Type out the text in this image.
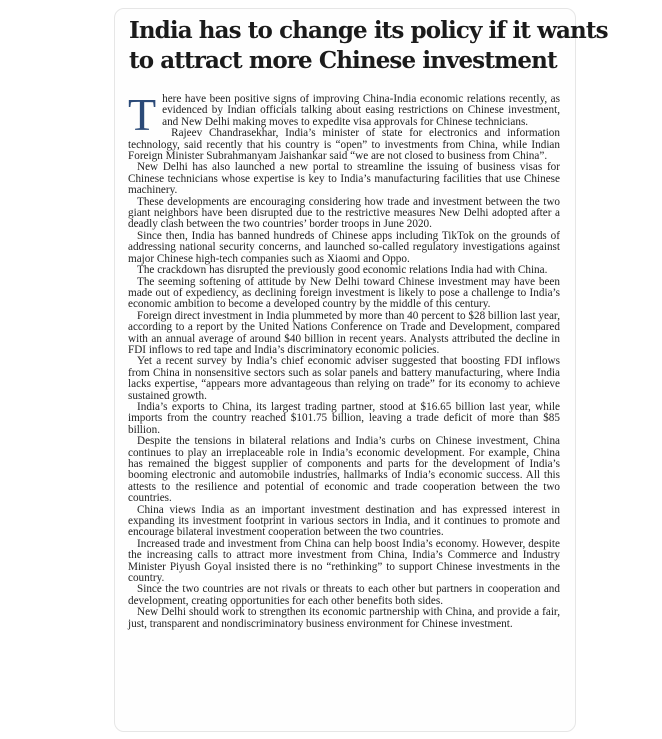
India has to change its policy if it wants
to attract more Chinese investment

There have been positive signs of improving China-India economic relations recently, as evidenced by Indian officials talking about easing restrictions on Chinese investment, and New Delhi making moves to expedite visa approvals for Chinese technicians.

Rajeev Chandrasekhar, India’s minister of state for electronics and information technology, said recently that his country is “open” to investments from China, while Indian Foreign Minister Subrahmanyam Jaishankar said “we are not closed to business from China”.

New Delhi has also launched a new portal to streamline the issuing of business visas for Chinese technicians whose expertise is key to India’s manufacturing facilities that use Chinese machinery.

These developments are encouraging considering how trade and investment between the two giant neighbors have been disrupted due to the restrictive measures New Delhi adopted after a deadly clash between the two countries’ border troops in June 2020.

Since then, India has banned hundreds of Chinese apps including TikTok on the grounds of addressing national security concerns, and launched so-called regulatory investigations against major Chinese high-tech companies such as Xiaomi and Oppo.

The crackdown has disrupted the previously good economic relations India had with China.

The seeming softening of attitude by New Delhi toward Chinese investment may have been made out of expediency, as declining foreign investment is likely to pose a challenge to India’s economic ambition to become a developed country by the middle of this century.

Foreign direct investment in India plummeted by more than 40 percent to $28 billion last year, according to a report by the United Nations Conference on Trade and Development, compared with an annual average of around $40 billion in recent years. Analysts attributed the decline in FDI inflows to red tape and India’s discriminatory economic policies.

Yet a recent survey by India’s chief economic adviser suggested that boosting FDI inflows from China in nonsensitive sectors such as solar panels and battery manufacturing, where India lacks expertise, “appears more advantageous than relying on trade” for its economy to achieve sustained growth.

India’s exports to China, its largest trading partner, stood at $16.65 billion last year, while imports from the country reached $101.75 billion, leaving a trade deficit of more than $85 billion.

Despite the tensions in bilateral relations and India’s curbs on Chinese investment, China continues to play an irreplaceable role in India’s economic development. For example, China has remained the biggest supplier of components and parts for the development of India’s booming electronic and automobile industries, hallmarks of India’s economic success. All this attests to the resilience and potential of economic and trade cooperation between the two countries.

China views India as an important investment destination and has expressed interest in expanding its investment footprint in various sectors in India, and it continues to promote and encourage bilateral investment cooperation between the two countries.

Increased trade and investment from China can help boost India’s economy. However, despite the increasing calls to attract more investment from China, India’s Commerce and Industry Minister Piyush Goyal insisted there is no “rethinking” to support Chinese investments in the country.

Since the two countries are not rivals or threats to each other but partners in cooperation and development, creating opportunities for each other benefits both sides.

New Delhi should work to strengthen its economic partnership with China, and provide a fair, just, transparent and nondiscriminatory business environment for Chinese investment.
